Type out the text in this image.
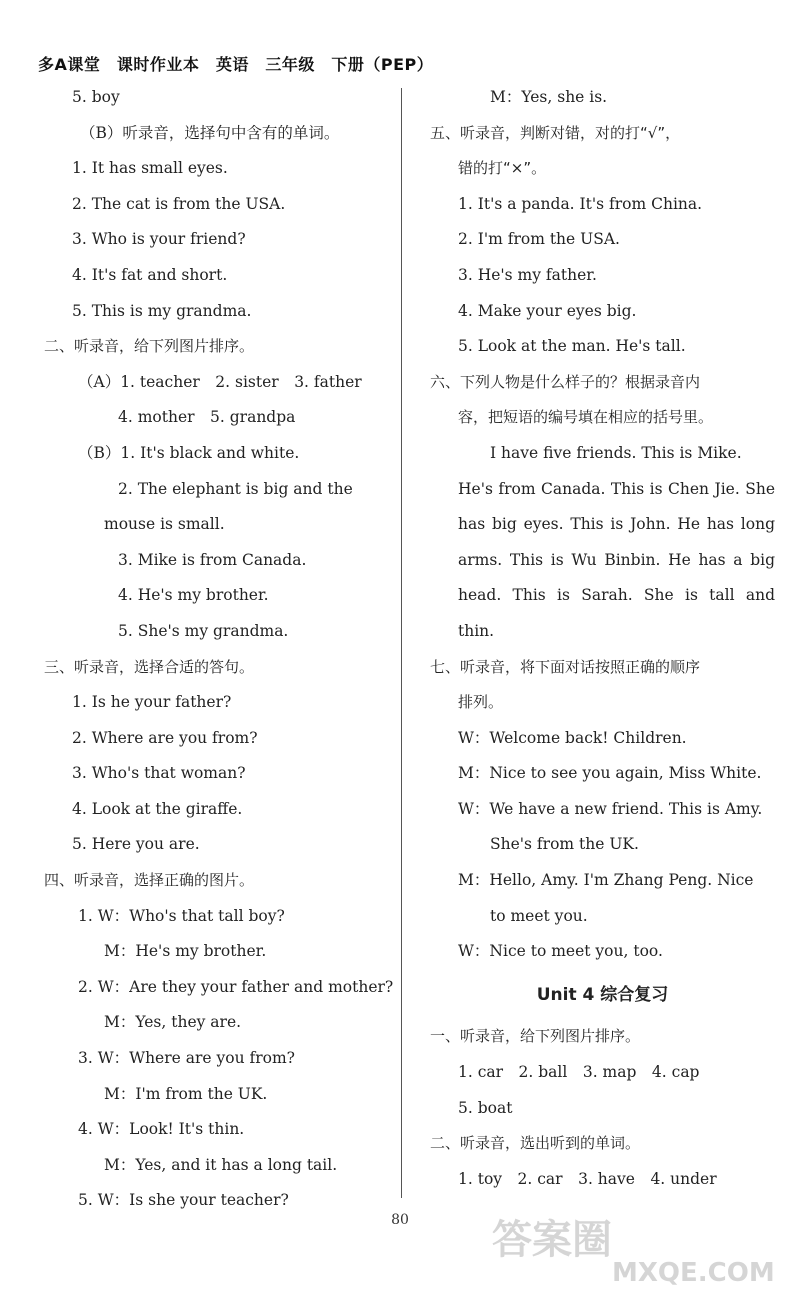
多A课堂　课时作业本　英语　三年级　下册（PEP）
5. boy
（B）听录音，选择句中含有的单词。
1. It has small eyes.
2. The cat is from the USA.
3. Who is your friend?
4. It's fat and short.
5. This is my grandma.
二、听录音，给下列图片排序。
（A）1. teacher　2. sister　3. father
4. mother　5. grandpa
（B）1. It's black and white.
2. The elephant is big and the
mouse is small.
3. Mike is from Canada.
4. He's my brother.
5. She's my grandma.
三、听录音，选择合适的答句。
1. Is he your father?
2. Where are you from?
3. Who's that woman?
4. Look at the giraffe.
5. Here you are.
四、听录音，选择正确的图片。
1. W：Who's that tall boy?
M：He's my brother.
2. W：Are they your father and mother?
M：Yes, they are.
3. W：Where are you from?
M：I'm from the UK.
4. W：Look! It's thin.
M：Yes, and it has a long tail.
5. W：Is she your teacher?
M：Yes, she is.
五、听录音，判断对错，对的打“√”，
错的打“×”。
1. It's a panda. It's from China.
2. I'm from the USA.
3. He's my father.
4. Make your eyes big.
5. Look at the man. He's tall.
六、下列人物是什么样子的？根据录音内
容，把短语的编号填在相应的括号里。
I have five friends. This is Mike.
He's from Canada. This is Chen Jie. She
has big eyes. This is John. He has long
arms. This is Wu Binbin. He has a big
head. This is Sarah. She is tall and
thin.
七、听录音，将下面对话按照正确的顺序
排列。
W：Welcome back! Children.
M：Nice to see you again, Miss White.
W：We have a new friend. This is Amy.
She's from the UK.
M：Hello, Amy. I'm Zhang Peng. Nice
to meet you.
W：Nice to meet you, too.
Unit 4 综合复习
一、听录音，给下列图片排序。
1. car　2. ball　3. map　4. cap
5. boat
二、听录音，选出听到的单词。
1. toy　2. car　3. have　4. under
80	答案圈
MXQE.COM
